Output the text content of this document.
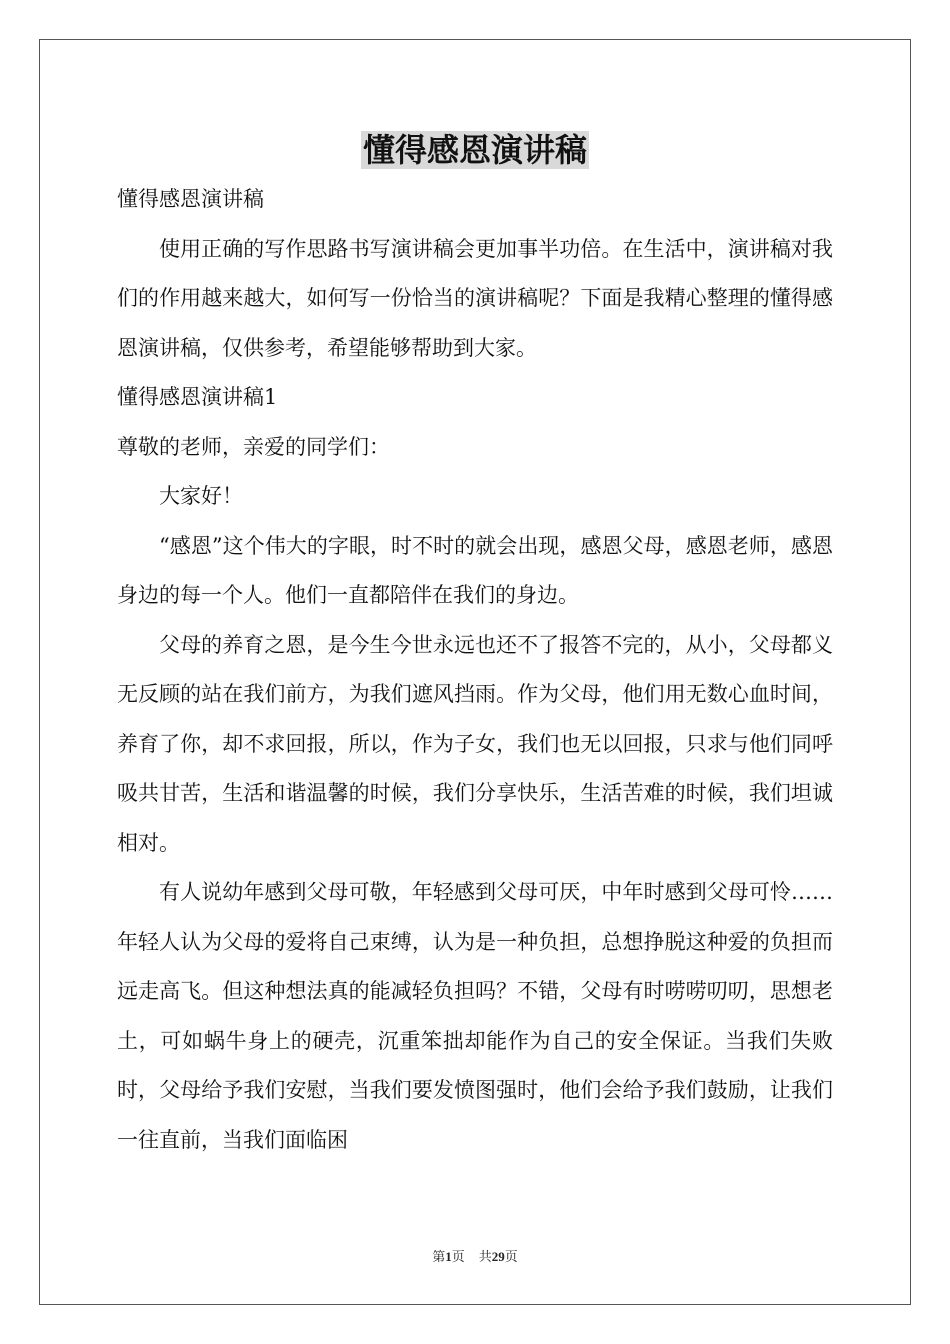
懂得感恩演讲稿

懂得感恩演讲稿

使用正确的写作思路书写演讲稿会更加事半功倍。在生活中，演讲稿对我们的作用越来越大，如何写一份恰当的演讲稿呢？下面是我精心整理的懂得感恩演讲稿，仅供参考，希望能够帮助到大家。

懂得感恩演讲稿1

尊敬的老师，亲爱的同学们：

大家好！

“感恩”这个伟大的字眼，时不时的就会出现，感恩父母，感恩老师，感恩身边的每一个人。他们一直都陪伴在我们的身边。

父母的养育之恩，是今生今世永远也还不了报答不完的，从小，父母都义无反顾的站在我们前方，为我们遮风挡雨。作为父母，他们用无数心血时间，养育了你，却不求回报，所以，作为子女，我们也无以回报，只求与他们同呼吸共甘苦，生活和谐温馨的时候，我们分享快乐，生活苦难的时候，我们坦诚相对。

有人说幼年感到父母可敬，年轻感到父母可厌，中年时感到父母可怜……年轻人认为父母的爱将自己束缚，认为是一种负担，总想挣脱这种爱的负担而远走高飞。但这种想法真的能减轻负担吗？不错，父母有时唠唠叨叨，思想老土，可如蜗牛身上的硬壳，沉重笨拙却能作为自己的安全保证。当我们失败时，父母给予我们安慰，当我们要发愤图强时，他们会给予我们鼓励，让我们一往直前，当我们面临困

第1页 共29页
